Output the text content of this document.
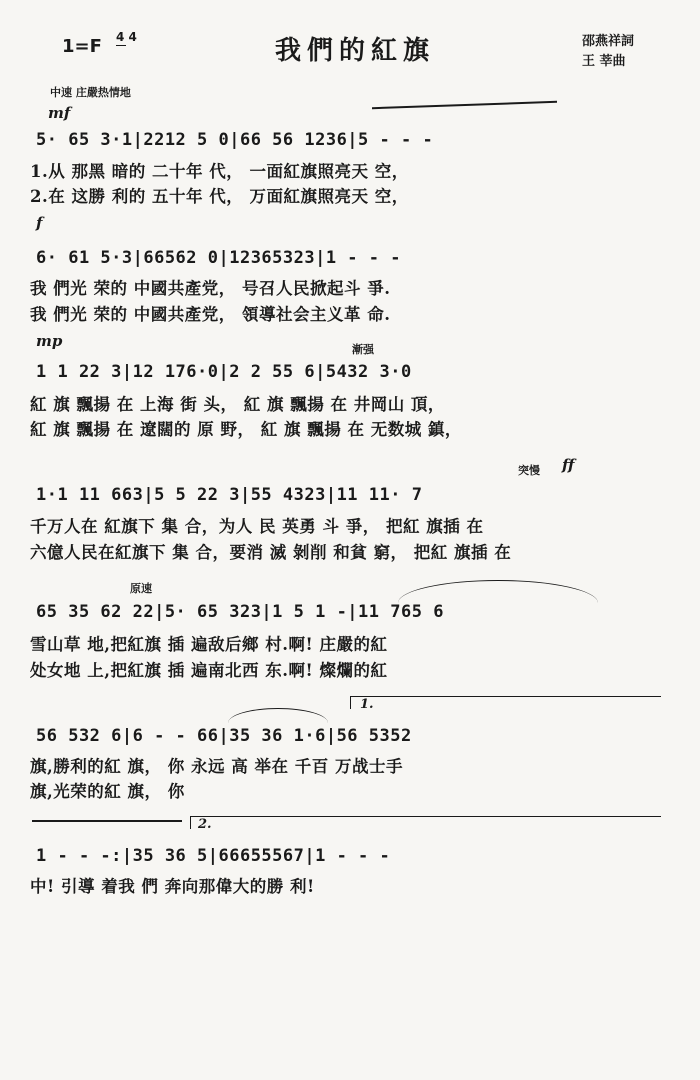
1=F 4 4	我們的紅旗	邵燕祥詞
王 莘曲
中速 庄嚴热情地
mf
5· 65 3·1|2212 5 0|66 56 1236|5 - - -
1.从 那黑 暗的 二十年 代， 一面紅旗照亮天 空，
2.在 这勝 利的 五十年 代， 万面紅旗照亮天 空，
f
6· 61 5·3|66562 0|12365323|1 - - -
我 們光 荣的 中國共產党， 号召人民掀起斗 爭.
我 們光 荣的 中國共產党， 領導社会主义革 命.
mp	漸强
1 1 22 3|12 176·0|2 2 55 6|5432 3·0
紅 旗 飄揚 在 上海 街 头， 紅 旗 飄揚 在 井岡山 頂，
紅 旗 飄揚 在 遼闊的 原 野， 紅 旗 飄揚 在 无数城 鎮，
突慢 ff
1·1 11 663|5 5 22 3|55 4323|11 11· 7
千万人在 紅旗下 集 合，为人 民 英勇 斗 爭， 把紅 旗插 在
六億人民在紅旗下 集 合，要消 滅 剝削 和貧 窮， 把紅 旗插 在
原速
65 35 62 22|5· 65 323|1 5 1 -|11 765 6
雪山草 地,把紅旗 插 遍敌后鄉 村.啊! 庄嚴的紅
处女地 上,把紅旗 插 遍南北西 东.啊! 燦爛的紅
1.
56 532 6|6 - - 66|35 36 1·6|56 5352
旗,勝利的紅 旗， 你 永远 高 举在 千百 万战士手
旗,光荣的紅 旗， 你
2.
1 - - -:|35 36 5|66655567|1 - - -
中! 引導 着我 們 奔向那偉大的勝 利!
